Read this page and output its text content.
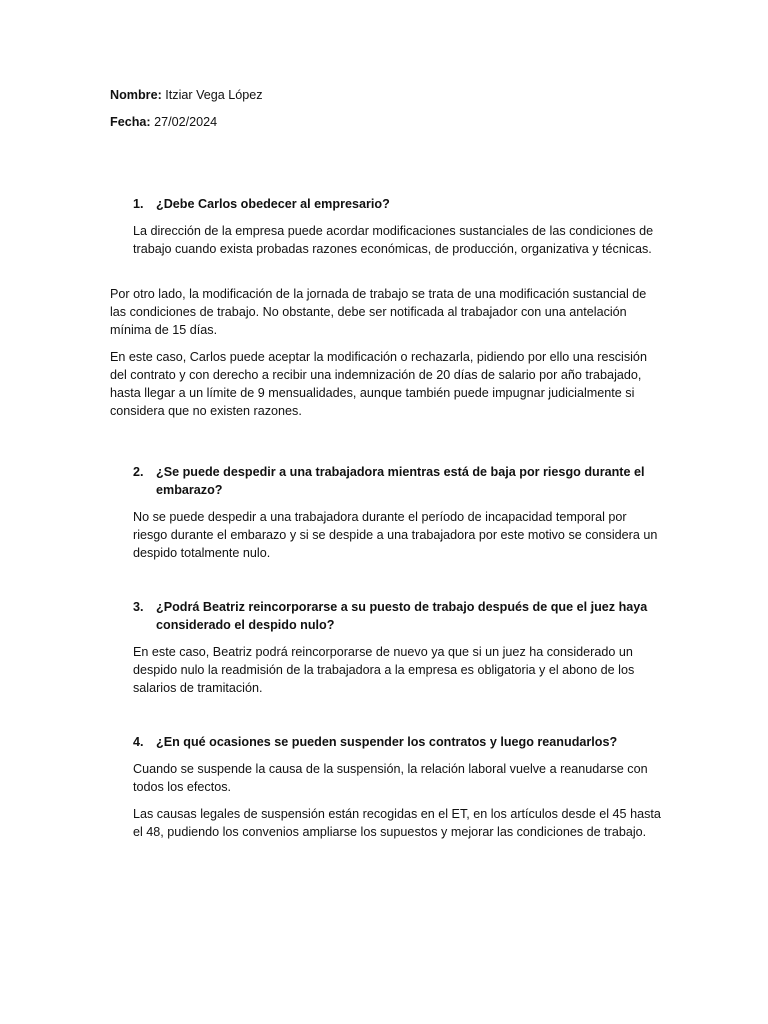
Nombre: Itziar Vega López

Fecha: 27/02/2024

1. ¿Debe Carlos obedecer al empresario?

La dirección de la empresa puede acordar modificaciones sustanciales de las condiciones de trabajo cuando exista probadas razones económicas, de producción, organizativa y técnicas.

Por otro lado, la modificación de la jornada de trabajo se trata de una modificación sustancial de las condiciones de trabajo. No obstante, debe ser notificada al trabajador con una antelación mínima de 15 días.

En este caso, Carlos puede aceptar la modificación o rechazarla, pidiendo por ello una rescisión del contrato y con derecho a recibir una indemnización de 20 días de salario por año trabajado, hasta llegar a un límite de 9 mensualidades, aunque también puede impugnar judicialmente si considera que no existen razones.

2. ¿Se puede despedir a una trabajadora mientras está de baja por riesgo durante el embarazo?

No se puede despedir a una trabajadora durante el período de incapacidad temporal por riesgo durante el embarazo y si se despide a una trabajadora por este motivo se considera un despido totalmente nulo.

3. ¿Podrá Beatriz reincorporarse a su puesto de trabajo después de que el juez haya considerado el despido nulo?

En este caso, Beatriz podrá reincorporarse de nuevo ya que si un juez ha considerado un despido nulo la readmisión de la trabajadora a la empresa es obligatoria y el abono de los salarios de tramitación.

4. ¿En qué ocasiones se pueden suspender los contratos y luego reanudarlos?

Cuando se suspende la causa de la suspensión, la relación laboral vuelve a reanudarse con todos los efectos.

Las causas legales de suspensión están recogidas en el ET, en los artículos desde el 45 hasta el 48, pudiendo los convenios ampliarse los supuestos y mejorar las condiciones de trabajo.
